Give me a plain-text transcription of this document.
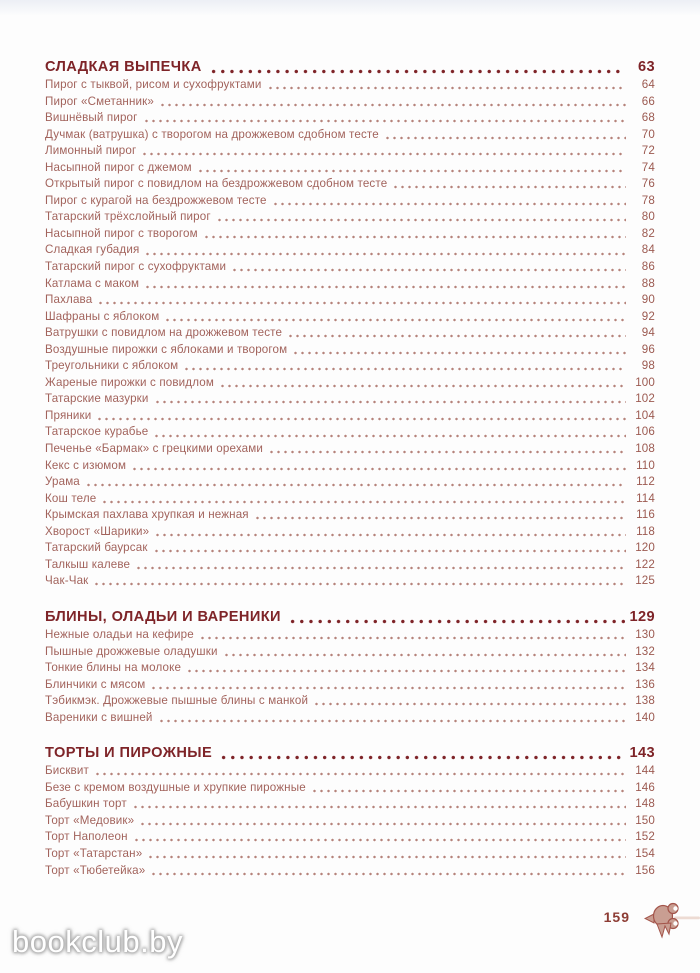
СЛАДКАЯ ВЫПЕЧКА	63
Пирог с тыквой, рисом и сухофруктами	64
Пирог «Сметанник»	66
Вишнёвый пирог	68
Дучмак (ватрушка) с творогом на дрожжевом сдобном тесте	70
Лимонный пирог	72
Насыпной пирог с джемом	74
Открытый пирог с повидлом на бездрожжевом сдобном тесте	76
Пирог с курагой на бездрожжевом тесте	78
Татарский трёхслойный пирог	80
Насыпной пирог с творогом	82
Сладкая губадия	84
Татарский пирог с сухофруктами	86
Катлама с маком	88
Пахлава	90
Шафраны с яблоком	92
Ватрушки с повидлом на дрожжевом тесте	94
Воздушные пирожки с яблоками и творогом	96
Треугольники с яблоком	98
Жареные пирожки с повидлом	100
Татарские мазурки	102
Пряники	104
Татарское курабье	106
Печенье «Бармак» с грецкими орехами	108
Кекс с изюмом	110
Урама	112
Кош теле	114
Крымская пахлава хрупкая и нежная	116
Хворост «Шарики»	118
Татарский баурсак	120
Талкыш калеве	122
Чак-Чак	125
БЛИНЫ, ОЛАДЬИ И ВАРЕНИКИ	129
Нежные оладьи на кефире	130
Пышные дрожжевые оладушки	132
Тонкие блины на молоке	134
Блинчики с мясом	136
Тэбикмэк. Дрожжевые пышные блины с манкой	138
Вареники с вишней	140
ТОРТЫ И ПИРОЖНЫЕ	143
Бисквит	144
Безе с кремом воздушные и хрупкие пирожные	146
Бабушкин торт	148
Торт «Медовик»	150
Торт Наполеон	152
Торт «Татарстан»	154
Торт «Тюбетейка»	156
159
bookclub.by
